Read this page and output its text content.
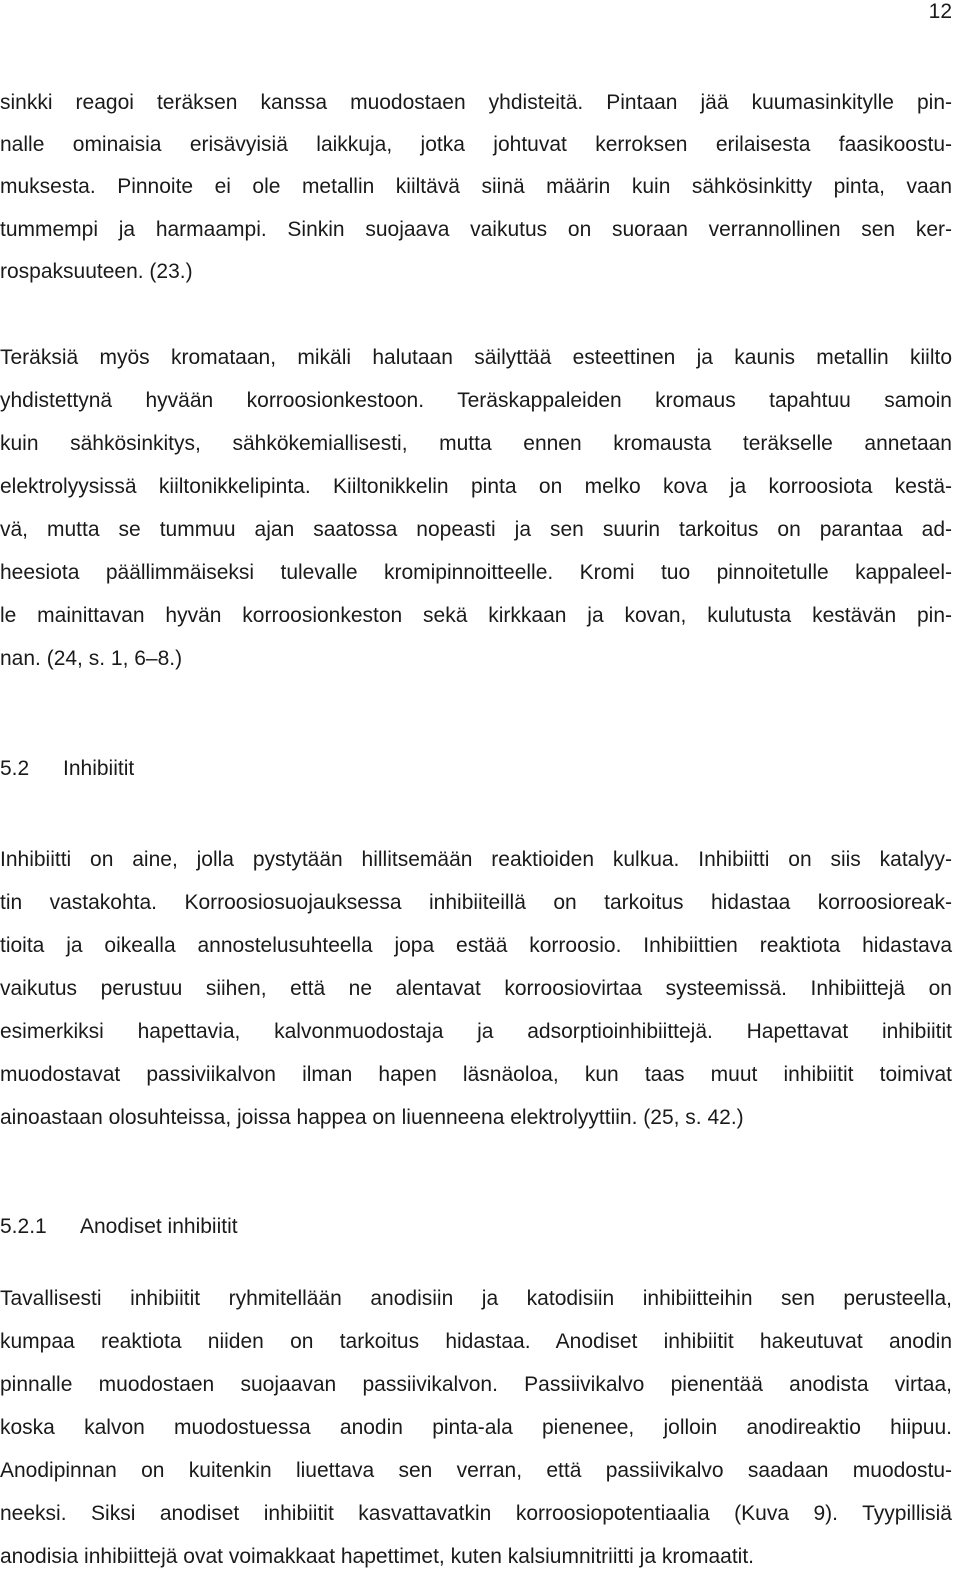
12
sinkki reagoi teräksen kanssa muodostaen yhdisteitä. Pintaan jää kuumasinkitylle pin-
nalle ominaisia erisävyisiä laikkuja, jotka johtuvat kerroksen erilaisesta faasikoostu-
muksesta. Pinnoite ei ole metallin kiiltävä siinä määrin kuin sähkösinkitty pinta, vaan
tummempi ja harmaampi. Sinkin suojaava vaikutus on suoraan verrannollinen sen ker-
rospaksuuteen. (23.)
Teräksiä myös kromataan, mikäli halutaan säilyttää esteettinen ja kaunis metallin kiilto
yhdistettynä hyvään korroosionkestoon. Teräskappaleiden kromaus tapahtuu samoin
kuin sähkösinkitys, sähkökemiallisesti, mutta ennen kromausta teräkselle annetaan
elektrolyysissä kiiltonikkelipinta. Kiiltonikkelin pinta on melko kova ja korroosiota kestä-
vä, mutta se tummuu ajan saatossa nopeasti ja sen suurin tarkoitus on parantaa ad-
heesiota päällimmäiseksi tulevalle kromipinnoitteelle. Kromi tuo pinnoitetulle kappaleel-
le mainittavan hyvän korroosionkeston sekä kirkkaan ja kovan, kulutusta kestävän pin-
nan. (24, s. 1, 6–8.)
5.2 Inhibiitit
Inhibiitti on aine, jolla pystytään hillitsemään reaktioiden kulkua. Inhibiitti on siis katalyy-
tin vastakohta. Korroosiosuojauksessa inhibiiteillä on tarkoitus hidastaa korroosioreak-
tioita ja oikealla annostelusuhteella jopa estää korroosio. Inhibiittien reaktiota hidastava
vaikutus perustuu siihen, että ne alentavat korroosiovirtaa systeemissä. Inhibiittejä on
esimerkiksi hapettavia, kalvonmuodostaja ja adsorptioinhibiittejä. Hapettavat inhibiitit
muodostavat passiviikalvon ilman hapen läsnäoloa, kun taas muut inhibiitit toimivat
ainoastaan olosuhteissa, joissa happea on liuenneena elektrolyyttiin. (25, s. 42.)
5.2.1 Anodiset inhibiitit
Tavallisesti inhibiitit ryhmitellään anodisiin ja katodisiin inhibiitteihin sen perusteella,
kumpaa reaktiota niiden on tarkoitus hidastaa. Anodiset inhibiitit hakeutuvat anodin
pinnalle muodostaen suojaavan passiivikalvon. Passiivikalvo pienentää anodista virtaa,
koska kalvon muodostuessa anodin pinta-ala pienenee, jolloin anodireaktio hiipuu.
Anodipinnan on kuitenkin liuettava sen verran, että passiivikalvo saadaan muodostu-
neeksi. Siksi anodiset inhibiitit kasvattavatkin korroosiopotentiaalia (Kuva 9). Tyypillisiä
anodisia inhibiittejä ovat voimakkaat hapettimet, kuten kalsiumnitriitti ja kromaatit.
